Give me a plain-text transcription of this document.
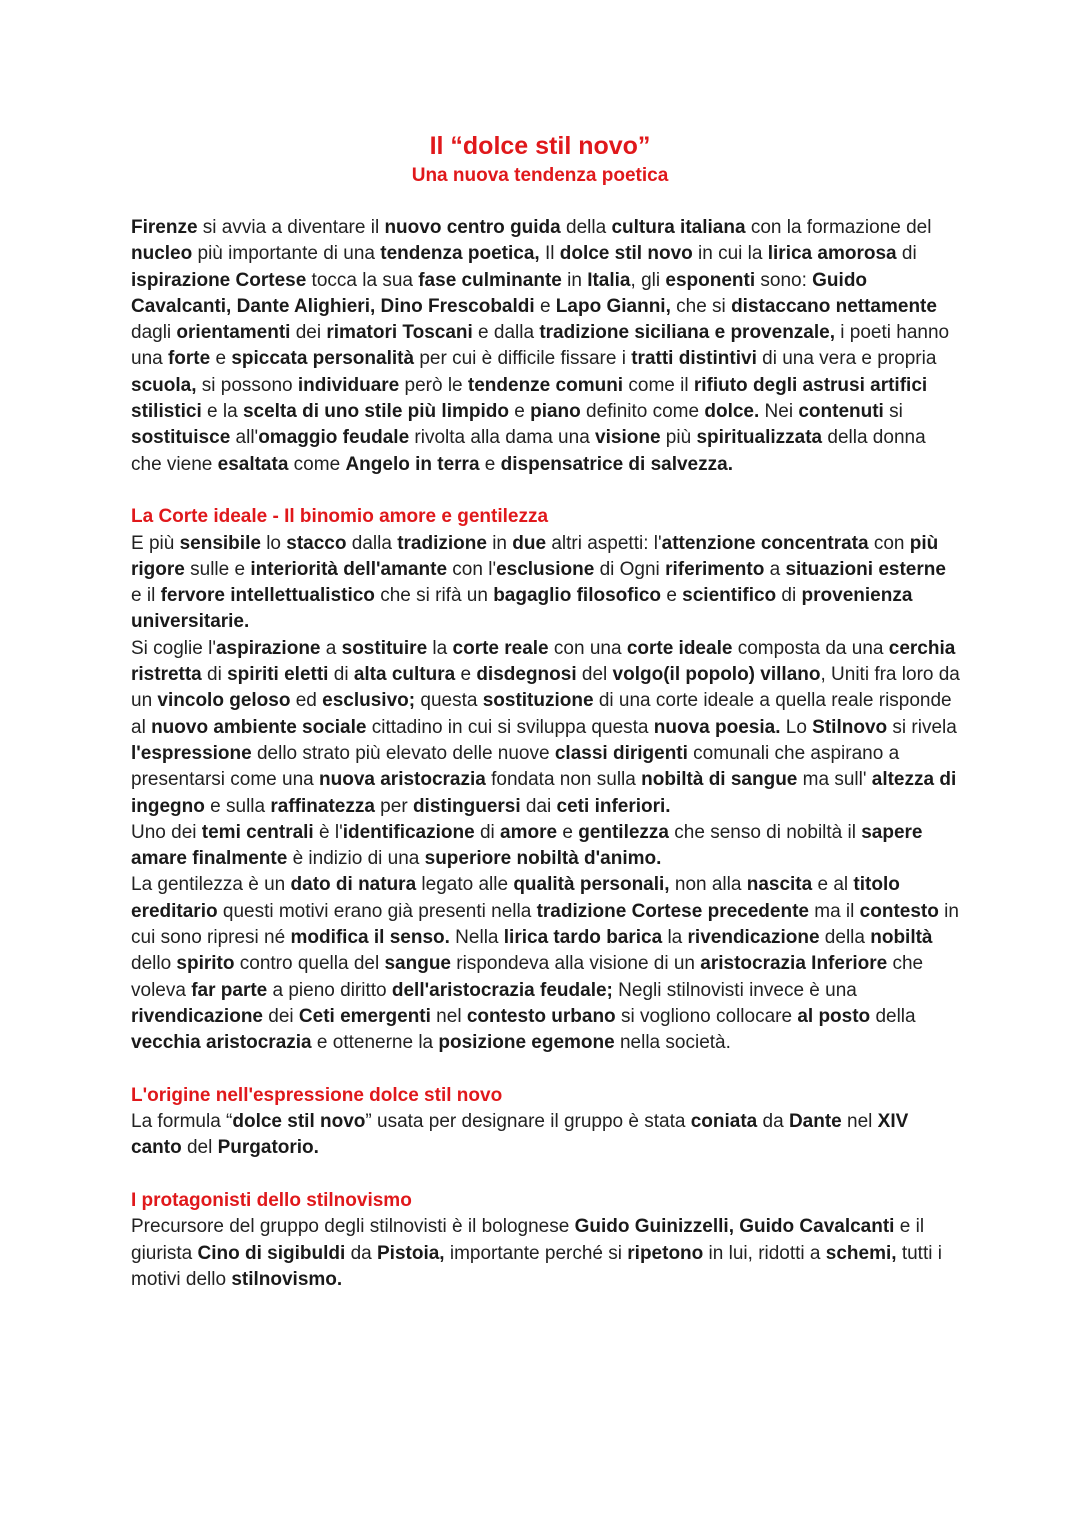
Il “dolce stil novo”
Una nuova tendenza poetica

Firenze si avvia a diventare il nuovo centro guida della cultura italiana con la formazione del nucleo più importante di una tendenza poetica, Il dolce stil novo in cui la lirica amorosa di ispirazione Cortese tocca la sua fase culminante in Italia, gli esponenti sono: Guido Cavalcanti, Dante Alighieri, Dino Frescobaldi e Lapo Gianni, che si distaccano nettamente dagli orientamenti dei rimatori Toscani e dalla tradizione siciliana e provenzale, i poeti hanno una forte e spiccata personalità per cui è difficile fissare i tratti distintivi di una vera e propria scuola, si possono individuare però le tendenze comuni come il rifiuto degli astrusi artifici stilistici e la scelta di uno stile più limpido e piano definito come dolce. Nei contenuti si sostituisce all'omaggio feudale rivolta alla dama una visione più spiritualizzata della donna che viene esaltata come Angelo in terra e dispensatrice di salvezza.

La Corte ideale - Il binomio amore e gentilezza

E più sensibile lo stacco dalla tradizione in due altri aspetti: l'attenzione concentrata con più rigore sulle e interiorità dell'amante con l'esclusione di Ogni riferimento a situazioni esterne e il fervore intellettualistico che si rifà un bagaglio filosofico e scientifico di provenienza universitarie.

Si coglie l'aspirazione a sostituire la corte reale con una corte ideale composta da una cerchia ristretta di spiriti eletti di alta cultura e disdegnosi del volgo(il popolo) villano, Uniti fra loro da un vincolo geloso ed esclusivo; questa sostituzione di una corte ideale a quella reale risponde al nuovo ambiente sociale cittadino in cui si sviluppa questa nuova poesia. Lo Stilnovo si rivela l'espressione dello strato più elevato delle nuove classi dirigenti comunali che aspirano a presentarsi come una nuova aristocrazia fondata non sulla nobiltà di sangue ma sull' altezza di ingegno e sulla raffinatezza per distinguersi dai ceti inferiori.

Uno dei temi centrali è l'identificazione di amore e gentilezza che senso di nobiltà il sapere amare finalmente è indizio di una superiore nobiltà d'animo.

La gentilezza è un dato di natura legato alle qualità personali, non alla nascita e al titolo ereditario questi motivi erano già presenti nella tradizione Cortese precedente ma il contesto in cui sono ripresi né modifica il senso. Nella lirica tardo barica la rivendicazione della nobiltà dello spirito contro quella del sangue rispondeva alla visione di un aristocrazia Inferiore che voleva far parte a pieno diritto dell'aristocrazia feudale; Negli stilnovisti invece è una rivendicazione dei Ceti emergenti nel contesto urbano si vogliono collocare al posto della vecchia aristocrazia e ottenerne la posizione egemone nella società.

L'origine nell'espressione dolce stil novo

La formula “dolce stil novo” usata per designare il gruppo è stata coniata da Dante nel XIV canto del Purgatorio.

I protagonisti dello stilnovismo

Precursore del gruppo degli stilnovisti è il bolognese Guido Guinizzelli, Guido Cavalcanti e il giurista Cino di sigibuldi da Pistoia, importante perché si ripetono in lui, ridotti a schemi, tutti i motivi dello stilnovismo.
